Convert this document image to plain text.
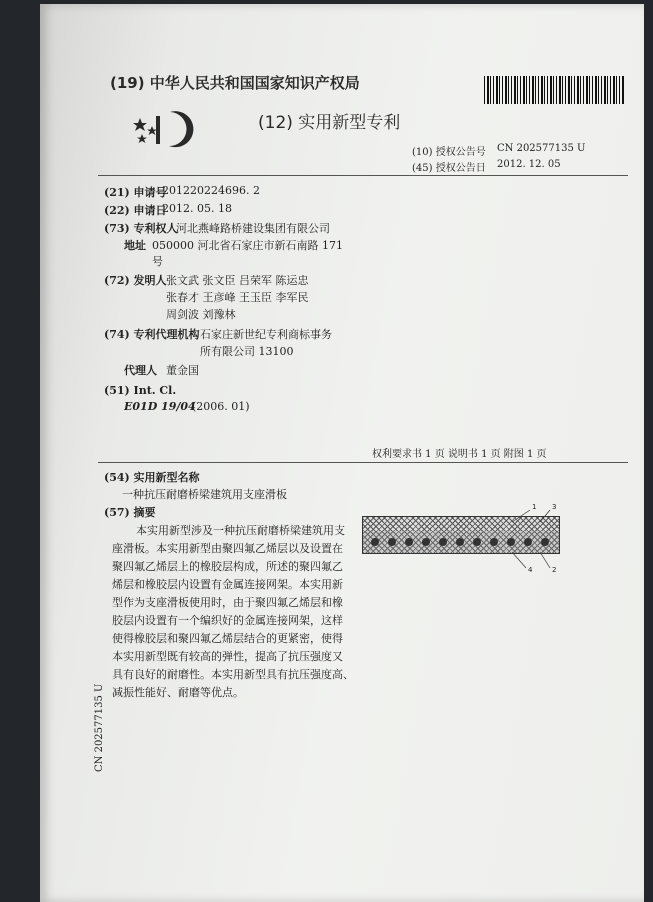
(19) 中华人民共和国国家知识产权局
(12) 实用新型专利
(10) 授权公告号 CN 202577135 U
(45) 授权公告日 2012. 12. 05
(21) 申请号
201220224696. 2
(22) 申请日
2012. 05. 18
(73) 专利权人
河北燕峰路桥建设集团有限公司
地址 050000 河北省石家庄市新石南路 171
号
(72) 发明人 张文武 张文臣 吕荣军 陈运忠
张春才 王彦峰 王玉臣 李军民
周剑波 刘豫林
(74) 专利代理机构 石家庄新世纪专利商标事务
所有限公司 13100
代理人 董金国
(51) Int. Cl.
E01D 19/04
(2006. 01)
权利要求书 1 页 说明书 1 页 附图 1 页
(54) 实用新型名称
一种抗压耐磨桥梁建筑用支座滑板
(57) 摘要
本实用新型涉及一种抗压耐磨桥梁建筑用支
座滑板。本实用新型由聚四氟乙烯层以及设置在
聚四氟乙烯层上的橡胶层构成，所述的聚四氟乙
烯层和橡胶层内设置有金属连接网架。本实用新
型作为支座滑板使用时，由于聚四氟乙烯层和橡
胶层内设置有一个编织好的金属连接网架，这样
使得橡胶层和聚四氟乙烯层结合的更紧密，使得
本实用新型既有较高的弹性，提高了抗压强度又
具有良好的耐磨性。本实用新型具有抗压强度高、
减振性能好、耐磨等优点。
1 3
4	2
CN 202577135 U
